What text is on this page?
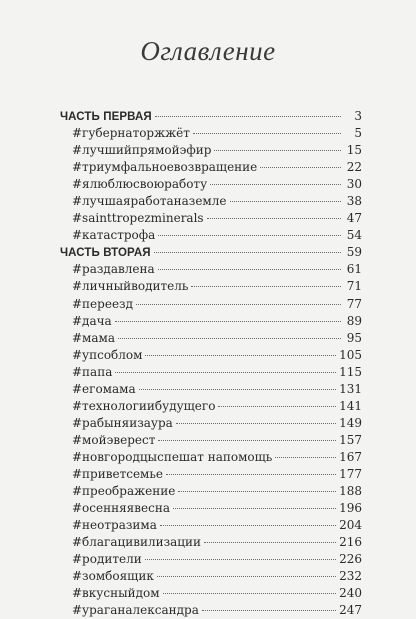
Оглавление
ЧАСТЬ ПЕРВАЯ	3
#губернаторжжёт	5
#лучшийпрямойэфир	15
#триумфальноевозвращение	22
#ялюблюсвоюработу	30
#лучшаяработаназемле	38
#sainttropezminerals	47
#катастрофа	54
ЧАСТЬ ВТОРАЯ	59
#раздавлена	61
#личныйводитель	71
#переезд	77
#дача	89
#мама	95
#упсоблом	105
#папа	115
#егомама	131
#технологиибудущего	141
#рабыняизаура	149
#мойэверест	157
#новгородцыспешат напомощь	167
#приветсемье	177
#преображение	188
#осенняявесна	196
#неотразима	204
#благацивилизации	216
#родители	226
#зомбоящик	232
#вкусныйдом	240
#ураганалександра	247
